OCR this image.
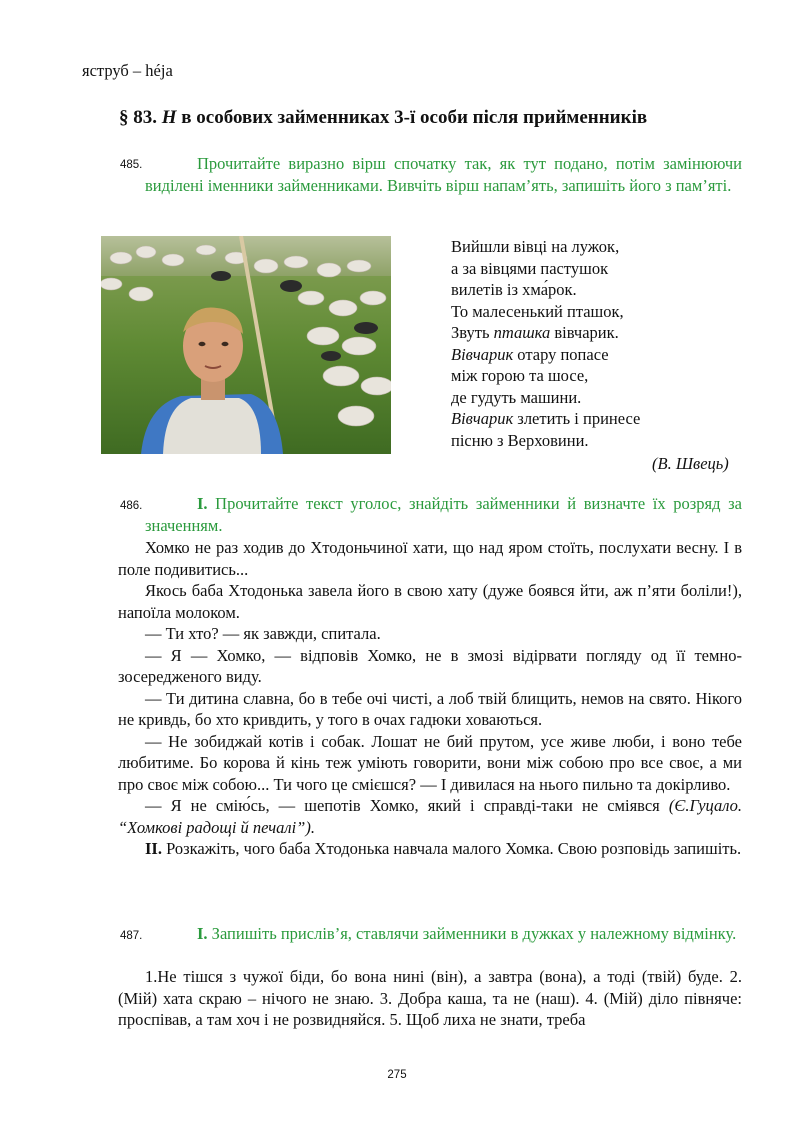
яструб – héja
§ 83. Н в особових займенниках 3-ї особи після прийменників
485.	Прочитайте виразно вірш спочатку так, як тут подано, потім замінюючи виділені іменники займенниками. Вивчіть вірш напам’ять, запишіть його з пам’яті.
Вийшли вівці на лужок,
а за вівцями пастушок
вилетів із хма́рок.
То малесенький пташок,
Звуть пташка вівчарик.
Вівчарик отару попасе
між горою та шосе,
де гудуть машини.
Вівчарик злетить і принесе
пісню з Верховини.
(В. Швець)
486.	I. Прочитайте текст уголос, знайдіть займенники й визначте їх розряд за значенням.
Хомко не раз ходив до Хтодоньчиної хати, що над яром стоїть, послухати весну. І в поле подивитись...
Якось баба Хтодонька завела його в свою хату (дуже боявся йти, аж п’яти боліли!), напоїла молоком.
— Ти хто? — як завжди, спитала.
— Я — Хомко, — відповів Хомко, не в змозі відірвати погляду од її темно-зосередженого виду.
— Ти дитина славна, бо в тебе очі чисті, а лоб твій блищить, немов на свято. Нікого не кривдь, бо хто кривдить, у того в очах гадюки ховаються.
— Не зобиджай котів і собак. Лошат не бий прутом, усе живе люби, і воно тебе любитиме. Бо корова й кінь теж уміють говорити, вони між собою про все своє, а ми про своє між собою... Ти чого це смієшся? — І дивилася на нього пильно та докірливо.
— Я не смію́сь, — шепотів Хомко, який і справді-таки не сміявся (Є.Гуцало. “Хомкові радощі й печалі”).
II. Розкажіть, чого баба Хтодонька навчала малого Хомка. Свою розповідь запишіть.
487.	I. Запишіть прислів’я, ставлячи займенники в дужках у належному відмінку.
1.Не тішся з чужої біди, бо вона нині (він), а завтра (вона), а тоді (твій) буде. 2. (Мій) хата скраю – нічого не знаю. 3. Добра каша, та не (наш). 4. (Мій) діло півняче: проспівав, а там хоч і не розвидняйся. 5. Щоб лиха не знати, треба
275
